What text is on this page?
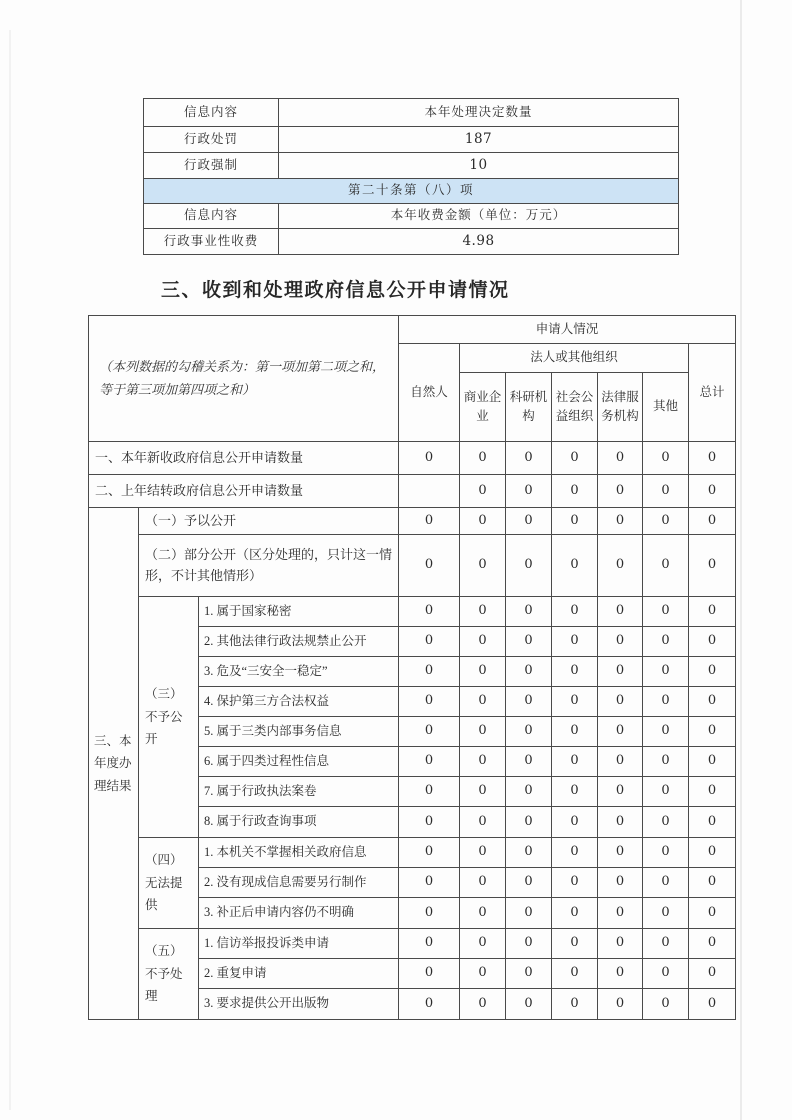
信息内容	本年处理决定数量
行政处罚	187
行政强制	10
第二十条第（八）项	
信息内容	本年收费金额（单位：万元）
行政事业性收费	4.98
三、收到和处理政府信息公开申请情况
（本列数据的勾稽关系为：第一项加第二项之和，等于第三项加第四项之和）			申请人情况						
			自然人	法人或其他组织					总计
				商业企业	科研机构	社会公益组织	法律服务机构	其他	
一、本年新收政府信息公开申请数量			0	0	0	0	0	0	0
二、上年结转政府信息公开申请数量				0	0	0	0	0	0
三、本年度办理结果	（一）予以公开		0	0	0	0	0	0	0
	（二）部分公开（区分处理的，只计这一情形，不计其他情形）		0	0	0	0	0	0	0
	（三）不予公开	1. 属于国家秘密	0	0	0	0	0	0	0
		2. 其他法律行政法规禁止公开	0	0	0	0	0	0	0
		3. 危及“三安全一稳定”	0	0	0	0	0	0	0
		4. 保护第三方合法权益	0	0	0	0	0	0	0
		5. 属于三类内部事务信息	0	0	0	0	0	0	0
		6. 属于四类过程性信息	0	0	0	0	0	0	0
		7. 属于行政执法案卷	0	0	0	0	0	0	0
		8. 属于行政查询事项	0	0	0	0	0	0	0
	（四）无法提供	1. 本机关不掌握相关政府信息	0	0	0	0	0	0	0
		2. 没有现成信息需要另行制作	0	0	0	0	0	0	0
		3. 补正后申请内容仍不明确	0	0	0	0	0	0	0
	（五）不予处理	1. 信访举报投诉类申请	0	0	0	0	0	0	0
		2. 重复申请	0	0	0	0	0	0	0
		3. 要求提供公开出版物	0	0	0	0	0	0	0
